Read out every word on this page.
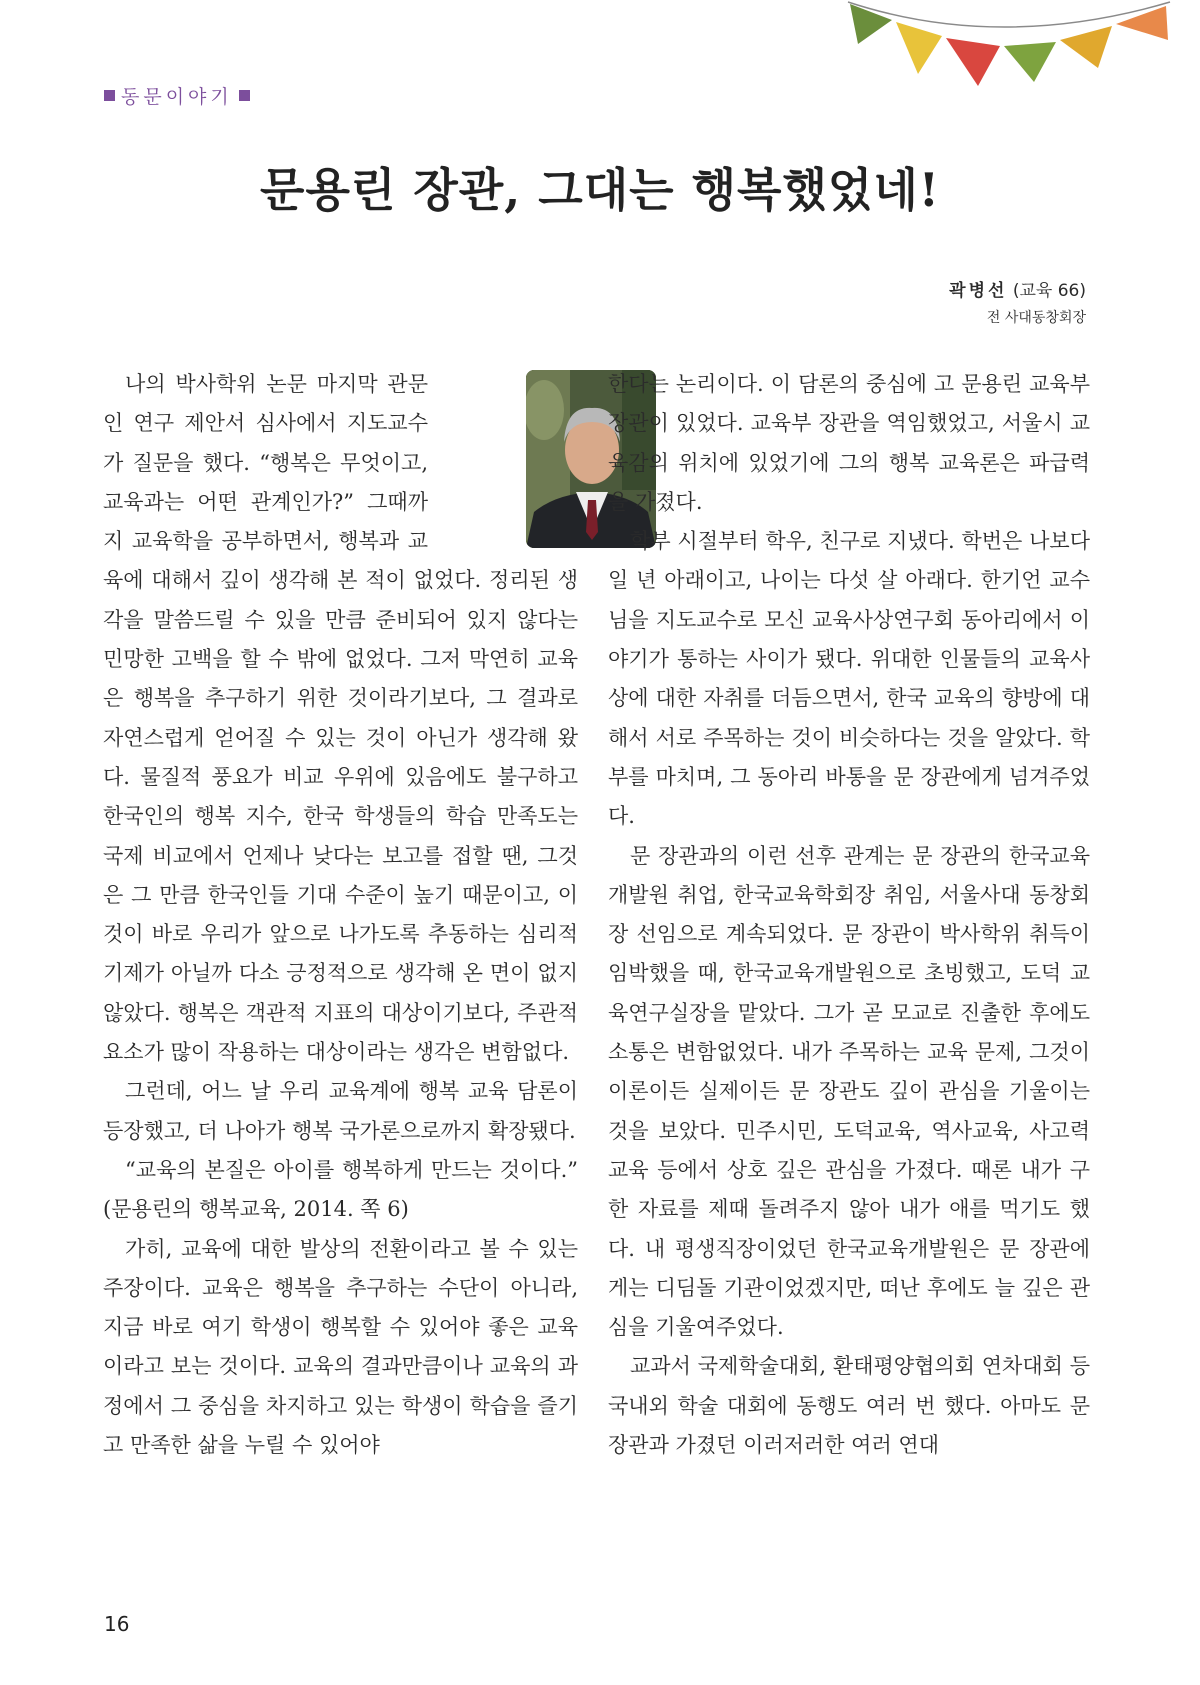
동문이야기
문용린 장관, 그대는 행복했었네!
곽병선 (교육 66)
전 사대동창회장

나의 박사학위 논문 마지막 관문인 연구 제안서 심사에서 지도교수가 질문을 했다. “행복은 무엇이고, 교육과는 어떤 관계인가?” 그때까지 교육학을 공부하면서, 행복과 교육에 대해서 깊이 생각해 본 적이 없었다. 정리된 생각을 말씀드릴 수 있을 만큼 준비되어 있지 않다는 민망한 고백을 할 수 밖에 없었다. 그저 막연히 교육은 행복을 추구하기 위한 것이라기보다, 그 결과로 자연스럽게 얻어질 수 있는 것이 아닌가 생각해 왔다. 물질적 풍요가 비교 우위에 있음에도 불구하고 한국인의 행복 지수, 한국 학생들의 학습 만족도는 국제 비교에서 언제나 낮다는 보고를 접할 땐, 그것은 그 만큼 한국인들 기대 수준이 높기 때문이고, 이것이 바로 우리가 앞으로 나가도록 추동하는 심리적 기제가 아닐까 다소 긍정적으로 생각해 온 면이 없지 않았다. 행복은 객관적 지표의 대상이기보다, 주관적 요소가 많이 작용하는 대상이라는 생각은 변함없다.

그런데, 어느 날 우리 교육계에 행복 교육 담론이 등장했고, 더 나아가 행복 국가론으로까지 확장됐다.

“교육의 본질은 아이를 행복하게 만드는 것이다.” (문용린의 행복교육, 2014. 쪽 6)

가히, 교육에 대한 발상의 전환이라고 볼 수 있는 주장이다. 교육은 행복을 추구하는 수단이 아니라, 지금 바로 여기 학생이 행복할 수 있어야 좋은 교육이라고 보는 것이다. 교육의 결과만큼이나 교육의 과정에서 그 중심을 차지하고 있는 학생이 학습을 즐기고 만족한 삶을 누릴 수 있어야

한다는 논리이다. 이 담론의 중심에 고 문용린 교육부 장관이 있었다. 교육부 장관을 역임했었고, 서울시 교육감의 위치에 있었기에 그의 행복 교육론은 파급력을 가졌다.

학부 시절부터 학우, 친구로 지냈다. 학번은 나보다 일 년 아래이고, 나이는 다섯 살 아래다. 한기언 교수님을 지도교수로 모신 교육사상연구회 동아리에서 이야기가 통하는 사이가 됐다. 위대한 인물들의 교육사상에 대한 자취를 더듬으면서, 한국 교육의 향방에 대해서 서로 주목하는 것이 비슷하다는 것을 알았다. 학부를 마치며, 그 동아리 바통을 문 장관에게 넘겨주었다.

문 장관과의 이런 선후 관계는 문 장관의 한국교육개발원 취업, 한국교육학회장 취임, 서울사대 동창회장 선임으로 계속되었다. 문 장관이 박사학위 취득이 임박했을 때, 한국교육개발원으로 초빙했고, 도덕 교육연구실장을 맡았다. 그가 곧 모교로 진출한 후에도 소통은 변함없었다. 내가 주목하는 교육 문제, 그것이 이론이든 실제이든 문 장관도 깊이 관심을 기울이는 것을 보았다. 민주시민, 도덕교육, 역사교육, 사고력 교육 등에서 상호 깊은 관심을 가졌다. 때론 내가 구한 자료를 제때 돌려주지 않아 내가 애를 먹기도 했다. 내 평생직장이었던 한국교육개발원은 문 장관에게는 디딤돌 기관이었겠지만, 떠난 후에도 늘 깊은 관심을 기울여주었다.

교과서 국제학술대회, 환태평양협의회 연차대회 등 국내외 학술 대회에 동행도 여러 번 했다. 아마도 문 장관과 가졌던 이러저러한 여러 연대

16
